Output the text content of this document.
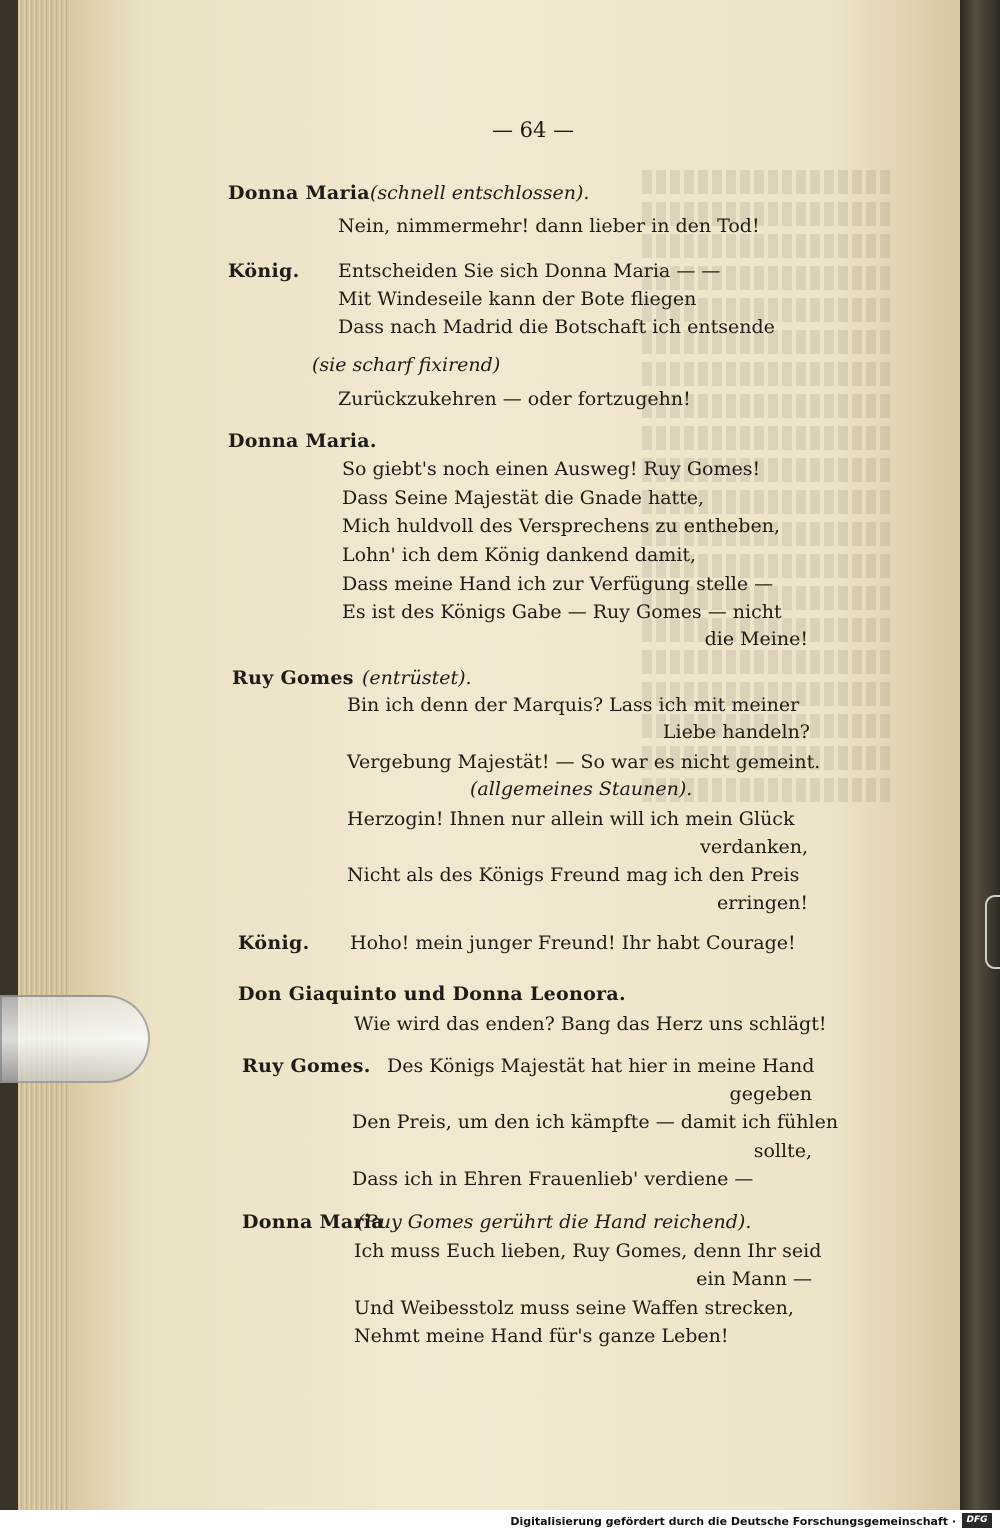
— 64 —
Donna Maria (schnell entschlossen).
Nein, nimmermehr! dann lieber in den Tod!
König. Entscheiden Sie sich Donna Maria — —
Mit Windeseile kann der Bote fliegen
Dass nach Madrid die Botschaft ich entsende
(sie scharf fixirend)
Zurückzukehren — oder fortzugehn!
Donna Maria.
So giebt's noch einen Ausweg! Ruy Gomes!
Dass Seine Majestät die Gnade hatte,
Mich huldvoll des Versprechens zu entheben,
Lohn' ich dem König dankend damit,
Dass meine Hand ich zur Verfügung stelle —
Es ist des Königs Gabe — Ruy Gomes — nicht
die Meine!
Ruy Gomes (entrüstet).
Bin ich denn der Marquis? Lass ich mit meiner
Liebe handeln?
Vergebung Majestät! — So war es nicht gemeint.
(allgemeines Staunen).
Herzogin! Ihnen nur allein will ich mein Glück
verdanken,
Nicht als des Königs Freund mag ich den Preis
erringen!
König. Hoho! mein junger Freund! Ihr habt Courage!
Don Giaquinto und Donna Leonora.
Wie wird das enden? Bang das Herz uns schlägt!
Ruy Gomes. Des Königs Majestät hat hier in meine Hand
gegeben
Den Preis, um den ich kämpfte — damit ich fühlen
sollte,
Dass ich in Ehren Frauenlieb' verdiene —
Donna Maria
(Ruy Gomes gerührt die Hand reichend).
Ich muss Euch lieben, Ruy Gomes, denn Ihr seid
ein Mann —
Und Weibesstolz muss seine Waffen strecken,
Nehmt meine Hand für's ganze Leben!
Digitalisierung gefördert durch die Deutsche Forschungsgemeinschaft ·	DFG
